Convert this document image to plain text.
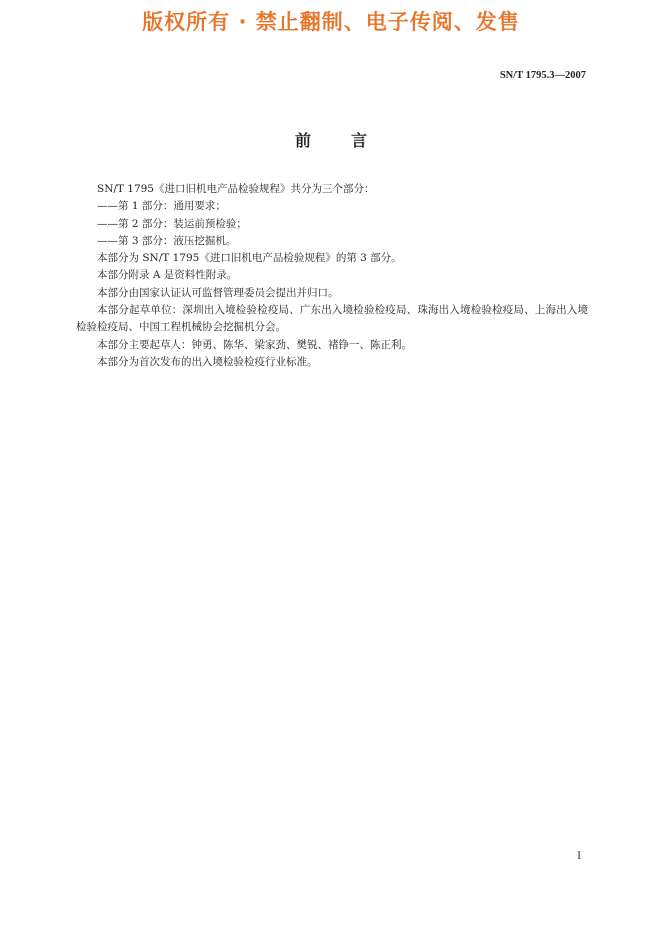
版权所有 · 禁止翻制、电子传阅、发售
SN/T 1795.3—2007
前言

SN/T 1795《进口旧机电产品检验规程》共分为三个部分：

——第 1 部分：通用要求；

——第 2 部分：装运前预检验；

——第 3 部分：液压挖掘机。

本部分为 SN/T 1795《进口旧机电产品检验规程》的第 3 部分。

本部分附录 A 是资料性附录。

本部分由国家认证认可监督管理委员会提出并归口。

本部分起草单位：深圳出入境检验检疫局、广东出入境检验检疫局、珠海出入境检验检疫局、上海出入境检验检疫局、中国工程机械协会挖掘机分会。

本部分主要起草人：钟勇、陈华、梁家劲、樊锐、褚铮一、陈正利。

本部分为首次发布的出入境检验检疫行业标准。

I
